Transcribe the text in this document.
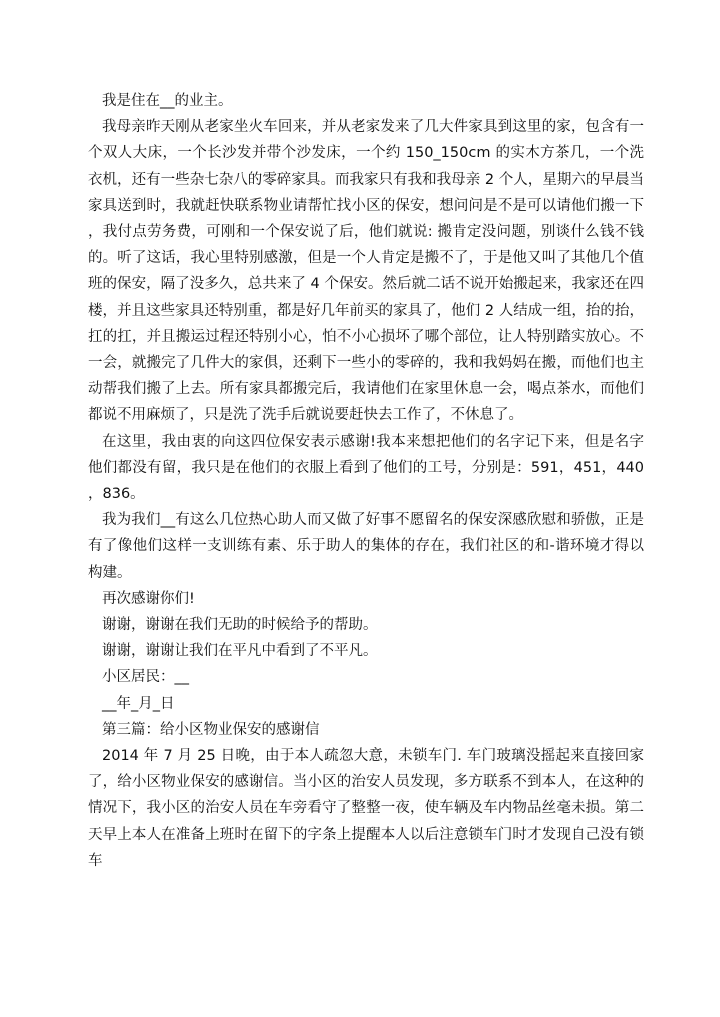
我是住在__的业主。

我母亲昨天刚从老家坐火车回来，并从老家发来了几大件家具到这里的家，包含有一个双人大床，一个长沙发并带个沙发床，一个约 150_150cm 的实木方茶几，一个洗衣机，还有一些杂七杂八的零碎家具。而我家只有我和我母亲 2 个人，星期六的早晨当家具送到时，我就赶快联系物业请帮忙找小区的保安，想问问是不是可以请他们搬一下，我付点劳务费，可刚和一个保安说了后，他们就说: 搬肯定没问题，别谈什么钱不钱的。听了这话，我心里特别感激，但是一个人肯定是搬不了，于是他又叫了其他几个值班的保安，隔了没多久，总共来了 4 个保安。然后就二话不说开始搬起来，我家还在四楼，并且这些家具还特别重，都是好几年前买的家具了，他们 2 人结成一组，抬的抬，扛的扛，并且搬运过程还特别小心，怕不小心损坏了哪个部位，让人特别踏实放心。不一会，就搬完了几件大的家俱，还剩下一些小的零碎的，我和我妈妈在搬，而他们也主动帮我们搬了上去。所有家具都搬完后，我请他们在家里休息一会，喝点茶水，而他们都说不用麻烦了，只是洗了洗手后就说要赶快去工作了，不休息了。

在这里，我由衷的向这四位保安表示感谢!我本来想把他们的名字记下来，但是名字他们都没有留，我只是在他们的衣服上看到了他们的工号，分别是：591，451，440，836。

我为我们__有这么几位热心助人而又做了好事不愿留名的保安深感欣慰和骄傲，正是有了像他们这样一支训练有素、乐于助人的集体的存在，我们社区的和-谐环境才得以构建。

再次感谢你们!

谢谢，谢谢在我们无助的时候给予的帮助。

谢谢，谢谢让我们在平凡中看到了不平凡。

小区居民：__

__年_月_日

第三篇：给小区物业保安的感谢信

2014 年 7 月 25 日晚，由于本人疏忽大意，未锁车门. 车门玻璃没摇起来直接回家了，给小区物业保安的感谢信。当小区的治安人员发现，多方联系不到本人，在这种的情况下，我小区的治安人员在车旁看守了整整一夜，使车辆及车内物品丝毫未损。第二天早上本人在准备上班时在留下的字条上提醒本人以后注意锁车门时才发现自己没有锁车
